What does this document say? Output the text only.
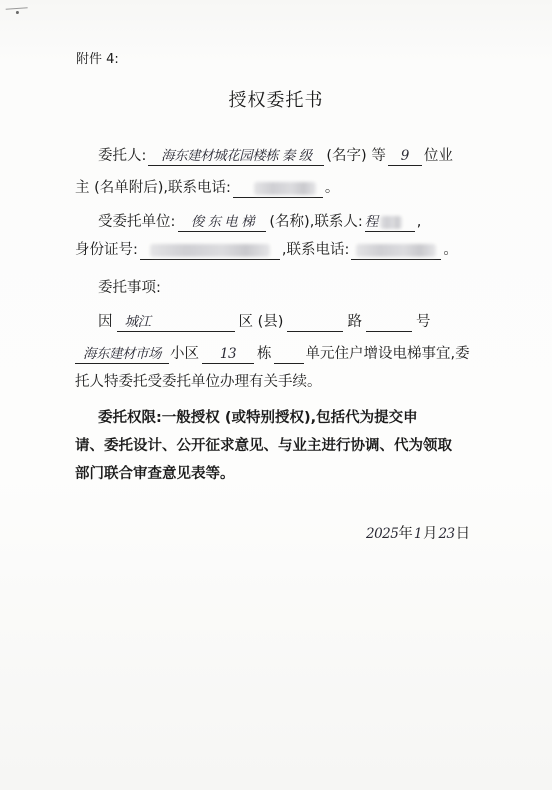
附件 4:
授权委托书
委托人: 海东建材城花园楼栋 秦 级 (名字) 等 9 位业
主 (名单附后),联系电话:	。
受委托单位: 俊 东 电 梯 (名称),联系人: 程	,
身份证号:	,联系电话:	。
委托事项:
因 城江	区 (县)	路	号
海东建材市场 小区 13 栋 单元住户增设电梯事宜,委
托人特委托受委托单位办理有关手续。
委托权限:一般授权 (或特别授权),包括代为提交申
请、委托设计、公开征求意见、与业主进行协调、代为领取
部门联合审查意见表等。
2025年1月23日
